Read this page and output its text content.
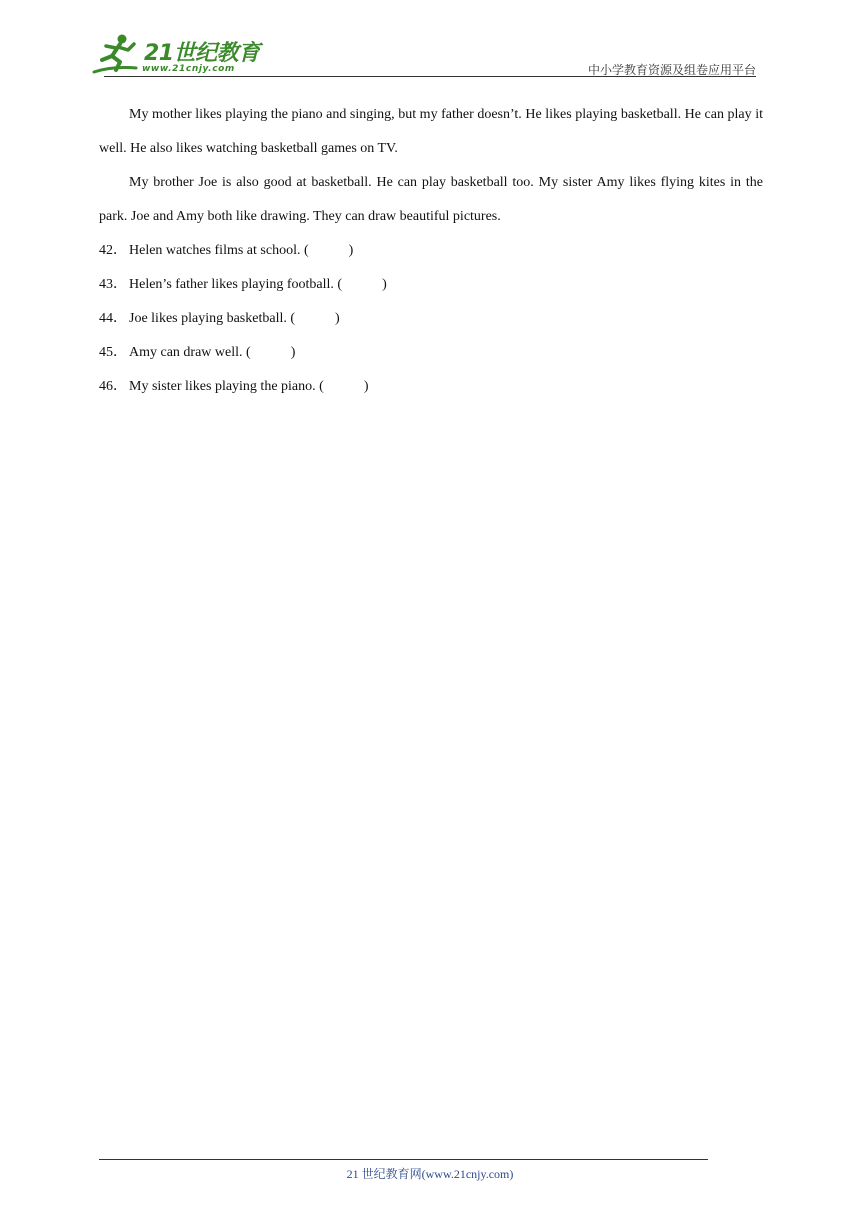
21世纪教育
www.21cnjy.com	中小学教育资源及组卷应用平台

My mother likes playing the piano and singing, but my father doesn’t. He likes playing basketball. He can play it well. He also likes watching basketball games on TV.

My brother Joe is also good at basketball. He can play basketball too. My sister Amy likes flying kites in the park. Joe and Amy both like drawing. They can draw beautiful pictures.

42． Helen watches films at school. (	)

43． Helen’s father likes playing football. (	)

44． Joe likes playing basketball. (	)

45． Amy can draw well. (	)

46． My sister likes playing the piano. (	)

21 世纪教育网(www.21cnjy.com)
